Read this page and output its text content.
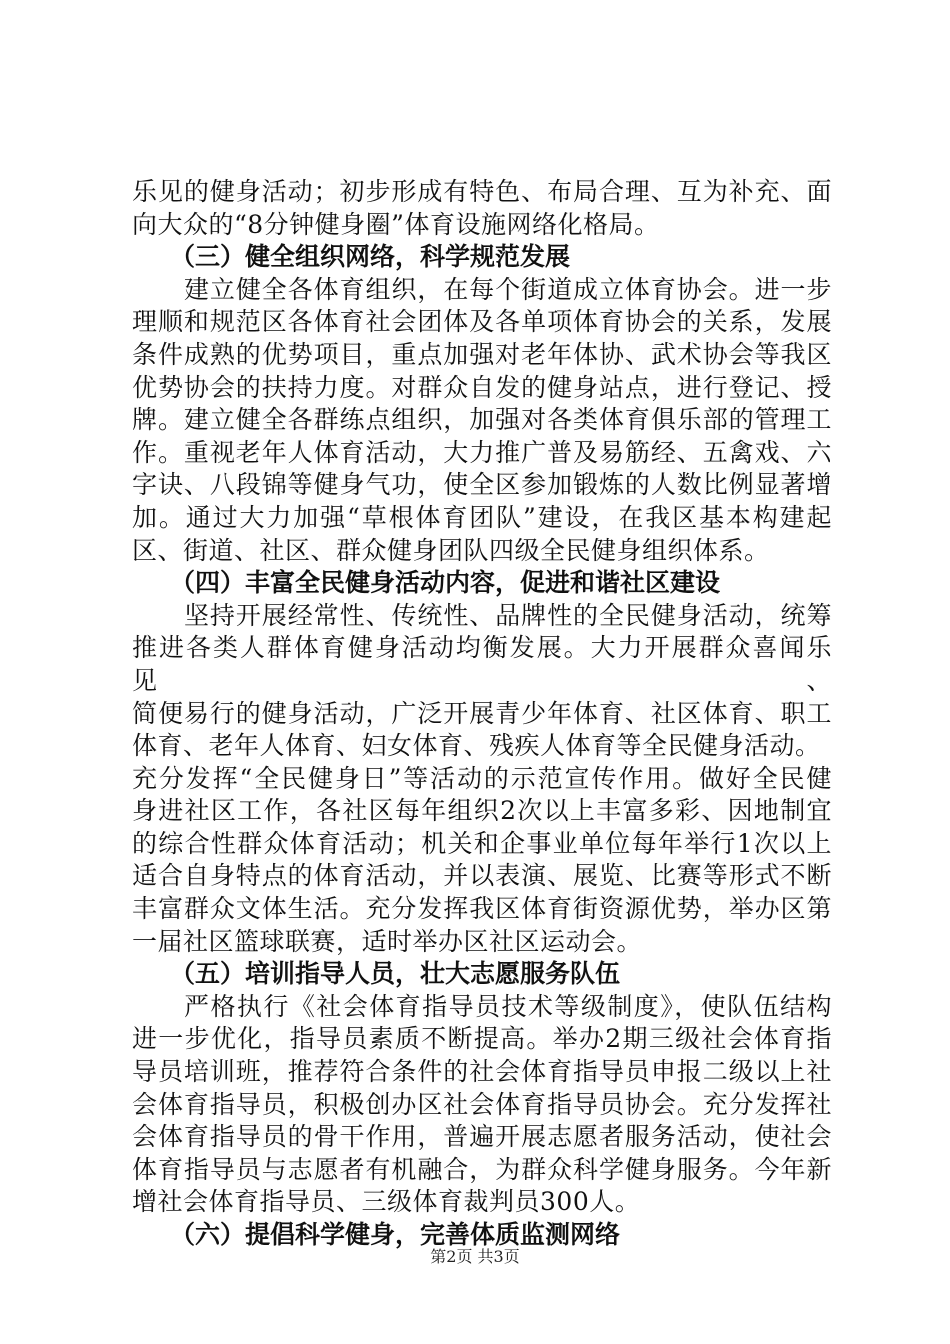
乐见的健身活动；初步形成有特色、布局合理、互为补充、面
向大众的“8分钟健身圈”体育设施网络化格局。
（三）健全组织网络，科学规范发展
建立健全各体育组织，在每个街道成立体育协会。进一步
理顺和规范区各体育社会团体及各单项体育协会的关系，发展
条件成熟的优势项目，重点加强对老年体协、武术协会等我区
优势协会的扶持力度。对群众自发的健身站点，进行登记、授
牌。建立健全各群练点组织，加强对各类体育俱乐部的管理工
作。重视老年人体育活动，大力推广普及易筋经、五禽戏、六
字诀、八段锦等健身气功，使全区参加锻炼的人数比例显著增
加。通过大力加强“草根体育团队”建设，在我区基本构建起
区、街道、社区、群众健身团队四级全民健身组织体系。
（四）丰富全民健身活动内容，促进和谐社区建设
坚持开展经常性、传统性、品牌性的全民健身活动，统筹
推进各类人群体育健身活动均衡发展。大力开展群众喜闻乐见、
简便易行的健身活动，广泛开展青少年体育、社区体育、职工
体育、老年人体育、妇女体育、残疾人体育等全民健身活动。
充分发挥“全民健身日”等活动的示范宣传作用。做好全民健
身进社区工作，各社区每年组织2次以上丰富多彩、因地制宜
的综合性群众体育活动；机关和企事业单位每年举行1次以上
适合自身特点的体育活动，并以表演、展览、比赛等形式不断
丰富群众文体生活。充分发挥我区体育街资源优势，举办区第
一届社区篮球联赛，适时举办区社区运动会。
（五）培训指导人员，壮大志愿服务队伍
严格执行《社会体育指导员技术等级制度》，使队伍结构
进一步优化，指导员素质不断提高。举办2期三级社会体育指
导员培训班，推荐符合条件的社会体育指导员申报二级以上社
会体育指导员，积极创办区社会体育指导员协会。充分发挥社
会体育指导员的骨干作用，普遍开展志愿者服务活动，使社会
体育指导员与志愿者有机融合，为群众科学健身服务。今年新
增社会体育指导员、三级体育裁判员300人。
（六）提倡科学健身，完善体质监测网络
第2页 共3页
